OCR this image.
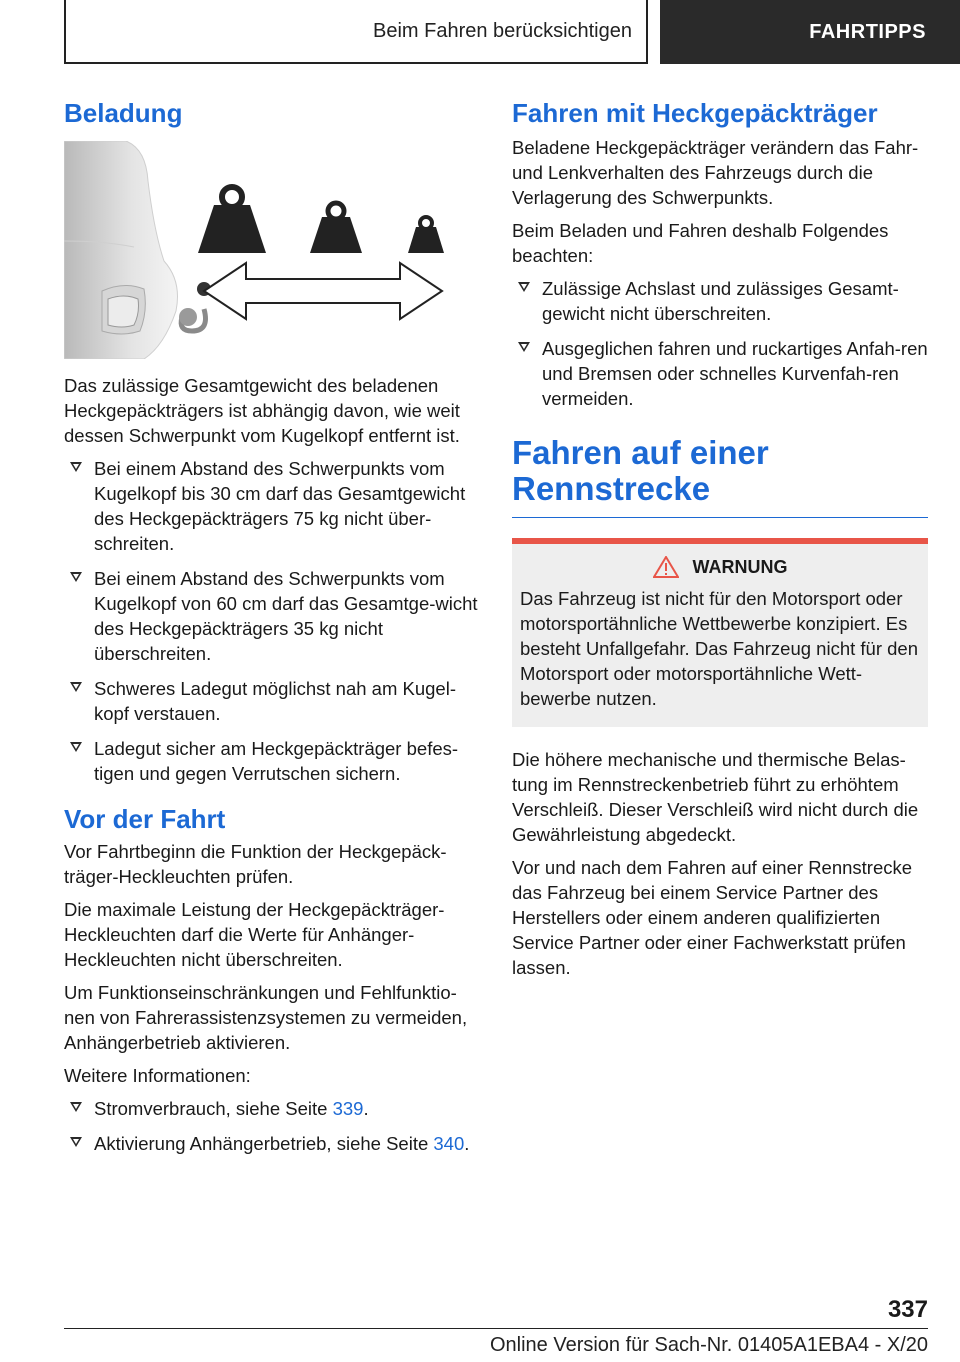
Beim Fahren berücksichtigen	FAHRTIPPS
Beladung

Das zulässige Gesamtgewicht des beladenen Heckgepäckträgers ist abhängig davon, wie weit dessen Schwerpunkt vom Kugelkopf entfernt ist.

Bei einem Abstand des Schwerpunkts vom Kugelkopf bis 30 cm darf das Gesamtgewicht des Heckgepäckträgers 75 kg nicht über‐schreiten.
Bei einem Abstand des Schwerpunkts vom Kugelkopf von 60 cm darf das Gesamtge‐wicht des Heckgepäckträgers 35 kg nicht überschreiten.
Schweres Ladegut möglichst nah am Kugel‐kopf verstauen.
Ladegut sicher am Heckgepäckträger befes‐tigen und gegen Verrutschen sichern.
Vor der Fahrt

Vor Fahrtbeginn die Funktion der Heckgepäck‐träger-Heckleuchten prüfen.

Die maximale Leistung der Heckgepäckträger-Heckleuchten darf die Werte für Anhänger-Heckleuchten nicht überschreiten.

Um Funktionseinschränkungen und Fehlfunktio‐nen von Fahrerassistenzsystemen zu vermeiden, Anhängerbetrieb aktivieren.

Weitere Informationen:

Stromverbrauch, siehe Seite 339.
Aktivierung Anhängerbetrieb, siehe Seite 340.
Fahren mit Heckgepäckträger

Beladene Heckgepäckträger verändern das Fahr- und Lenkverhalten des Fahrzeugs durch die Verlagerung des Schwerpunkts.

Beim Beladen und Fahren deshalb Folgendes beachten:

Zulässige Achslast und zulässiges Gesamt‐gewicht nicht überschreiten.
Ausgeglichen fahren und ruckartiges Anfah‐ren und Bremsen oder schnelles Kurvenfah‐ren vermeiden.
Fahren auf einer
Rennstrecke
WARNUNG

Das Fahrzeug ist nicht für den Motorsport oder motorsportähnliche Wettbewerbe konzipiert. Es besteht Unfallgefahr. Das Fahrzeug nicht für den Motorsport oder motorsportähnliche Wett‐bewerbe nutzen.

Die höhere mechanische und thermische Belas‐tung im Rennstreckenbetrieb führt zu erhöhtem Verschleiß. Dieser Verschleiß wird nicht durch die Gewährleistung abgedeckt.

Vor und nach dem Fahren auf einer Rennstrecke das Fahrzeug bei einem Service Partner des Herstellers oder einem anderen qualifizierten Service Partner oder einer Fachwerkstatt prüfen lassen.

337
Online Version für Sach-Nr. 01405A1EBA4 - X/20
